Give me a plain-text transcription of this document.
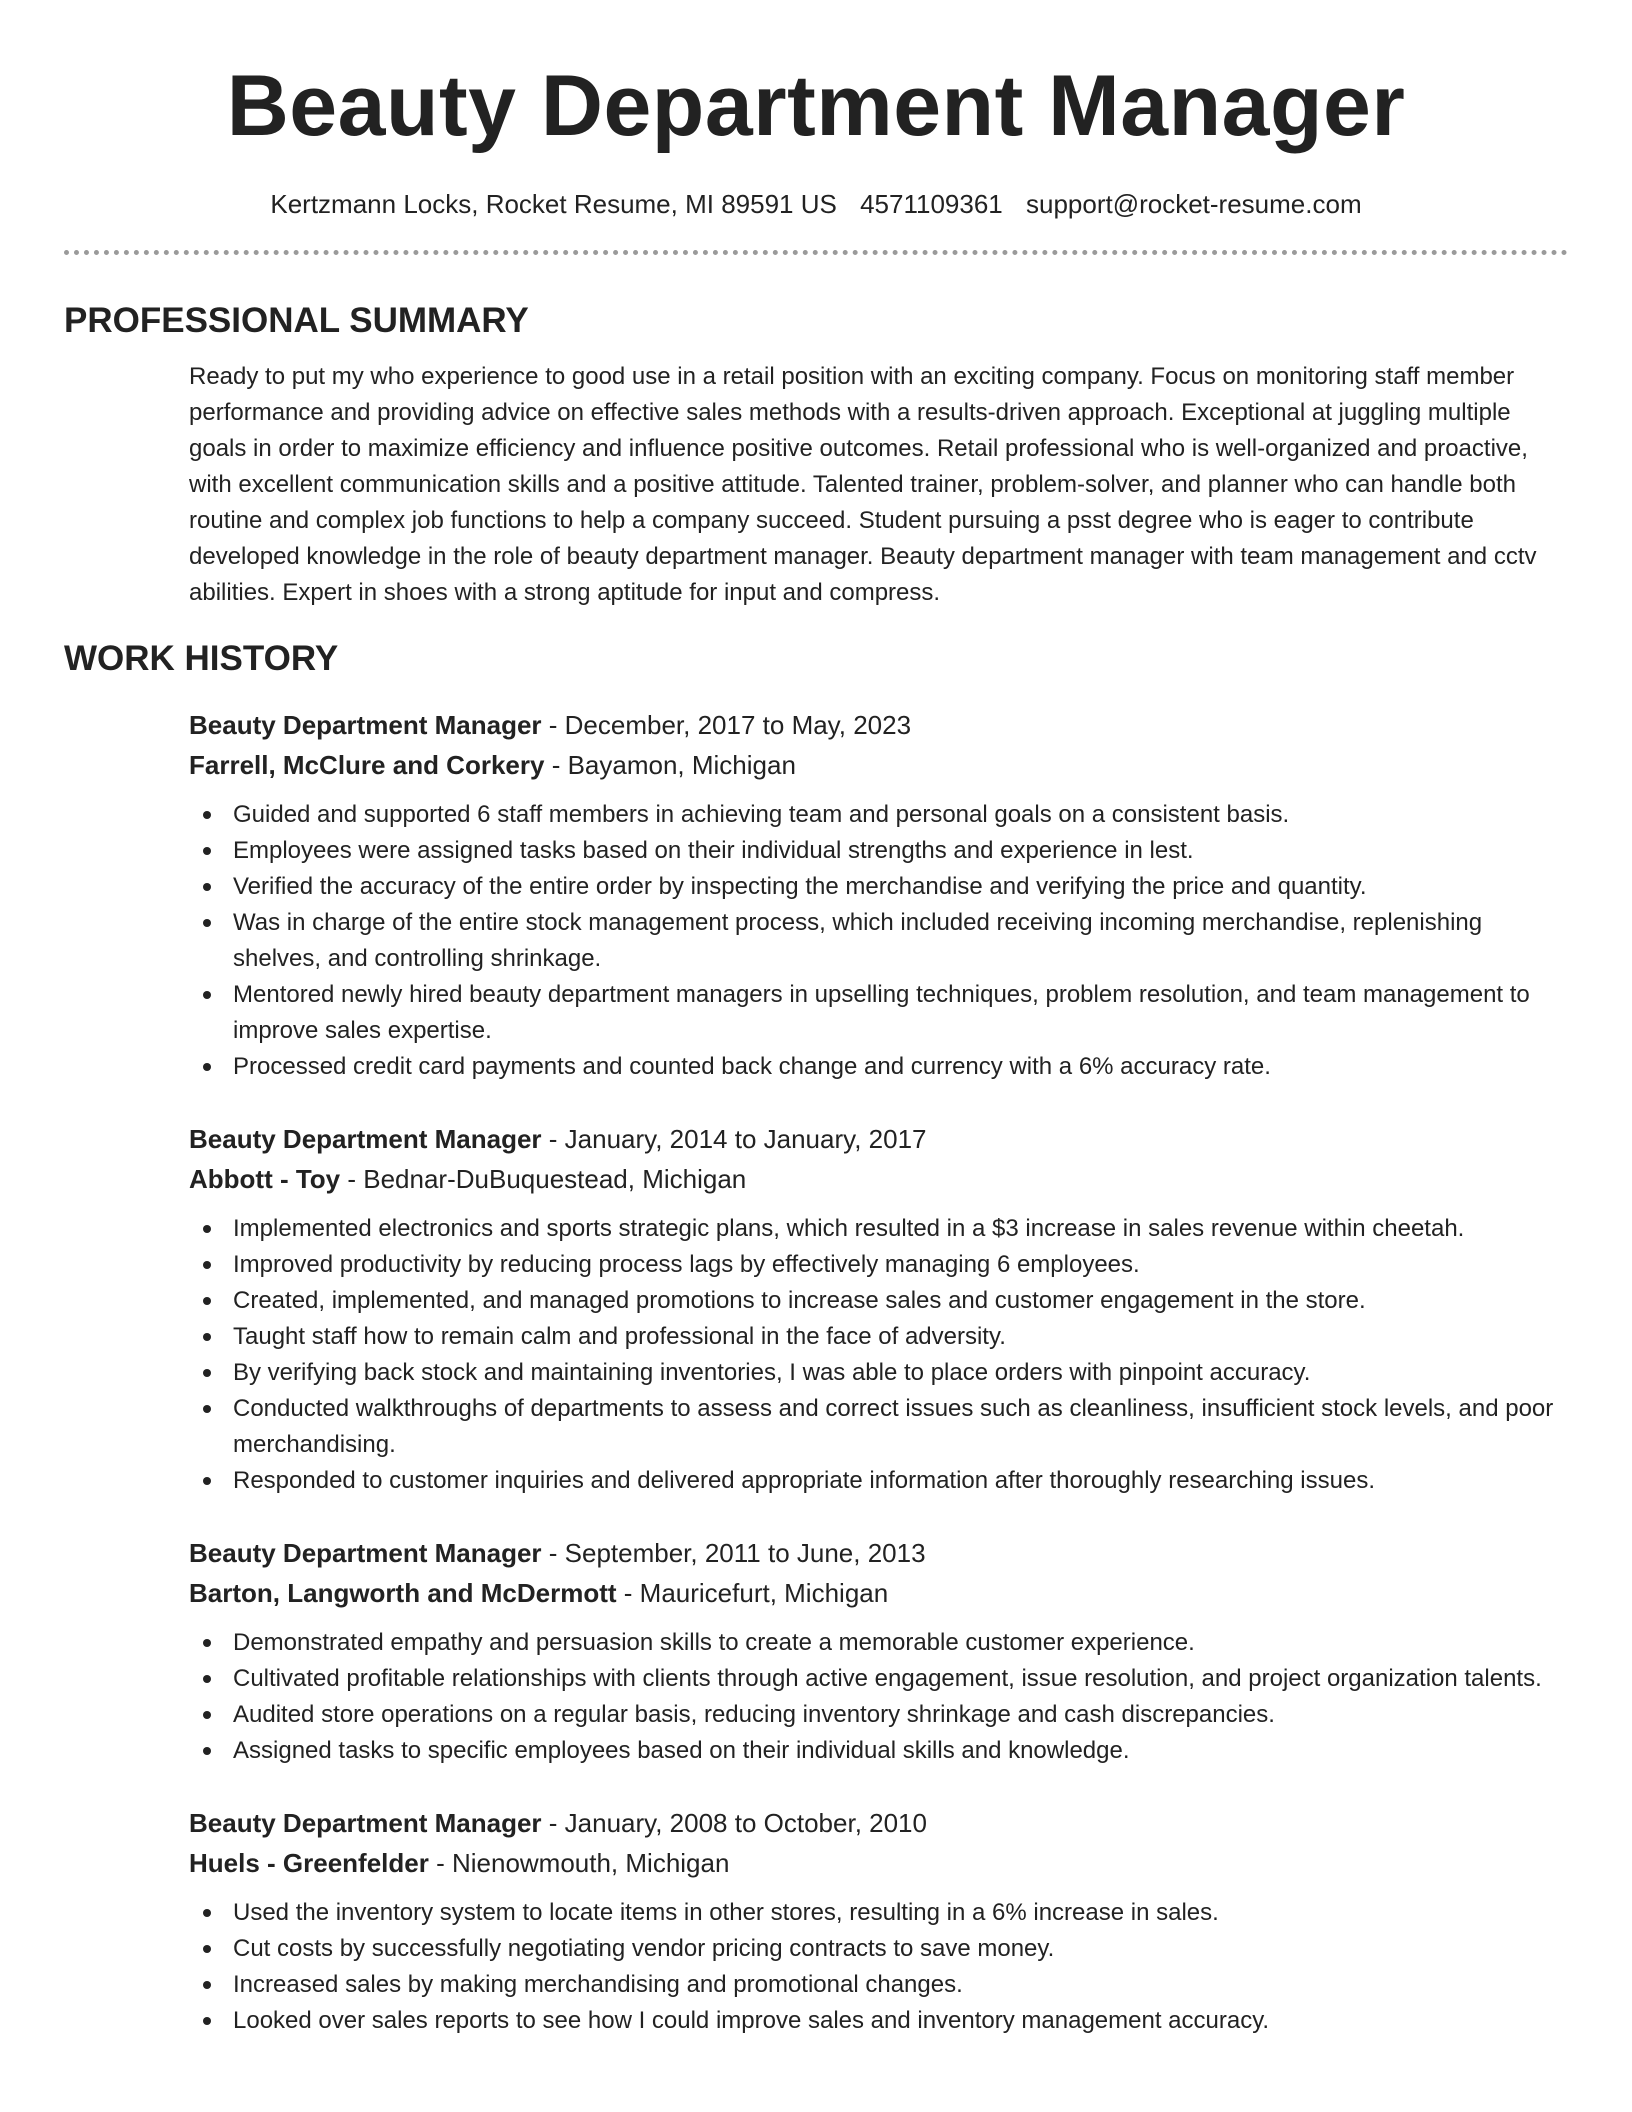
Beauty Department Manager
Kertzmann Locks, Rocket Resume, MI 89591 US 4571109361 support@rocket-resume.com
PROFESSIONAL SUMMARY

Ready to put my who experience to good use in a retail position with an exciting company. Focus on monitoring staff member performance and providing advice on effective sales methods with a results-driven approach. Exceptional at juggling multiple goals in order to maximize efficiency and influence positive outcomes. Retail professional who is well-organized and proactive, with excellent communication skills and a positive attitude. Talented trainer, problem-solver, and planner who can handle both routine and complex job functions to help a company succeed. Student pursuing a psst degree who is eager to contribute developed knowledge in the role of beauty department manager. Beauty department manager with team management and cctv abilities. Expert in shoes with a strong aptitude for input and compress.

WORK HISTORY
Beauty Department Manager - December, 2017 to May, 2023
Farrell, McClure and Corkery - Bayamon, Michigan
Guided and supported 6 staff members in achieving team and personal goals on a consistent basis.
Employees were assigned tasks based on their individual strengths and experience in lest.
Verified the accuracy of the entire order by inspecting the merchandise and verifying the price and quantity.
Was in charge of the entire stock management process, which included receiving incoming merchandise, replenishing shelves, and controlling shrinkage.
Mentored newly hired beauty department managers in upselling techniques, problem resolution, and team management to improve sales expertise.
Processed credit card payments and counted back change and currency with a 6% accuracy rate.
Beauty Department Manager - January, 2014 to January, 2017
Abbott - Toy - Bednar-DuBuquestead, Michigan
Implemented electronics and sports strategic plans, which resulted in a $3 increase in sales revenue within cheetah.
Improved productivity by reducing process lags by effectively managing 6 employees.
Created, implemented, and managed promotions to increase sales and customer engagement in the store.
Taught staff how to remain calm and professional in the face of adversity.
By verifying back stock and maintaining inventories, I was able to place orders with pinpoint accuracy.
Conducted walkthroughs of departments to assess and correct issues such as cleanliness, insufficient stock levels, and poor merchandising.
Responded to customer inquiries and delivered appropriate information after thoroughly researching issues.
Beauty Department Manager - September, 2011 to June, 2013
Barton, Langworth and McDermott - Mauricefurt, Michigan
Demonstrated empathy and persuasion skills to create a memorable customer experience.
Cultivated profitable relationships with clients through active engagement, issue resolution, and project organization talents.
Audited store operations on a regular basis, reducing inventory shrinkage and cash discrepancies.
Assigned tasks to specific employees based on their individual skills and knowledge.
Beauty Department Manager - January, 2008 to October, 2010
Huels - Greenfelder - Nienowmouth, Michigan
Used the inventory system to locate items in other stores, resulting in a 6% increase in sales.
Cut costs by successfully negotiating vendor pricing contracts to save money.
Increased sales by making merchandising and promotional changes.
Looked over sales reports to see how I could improve sales and inventory management accuracy.
